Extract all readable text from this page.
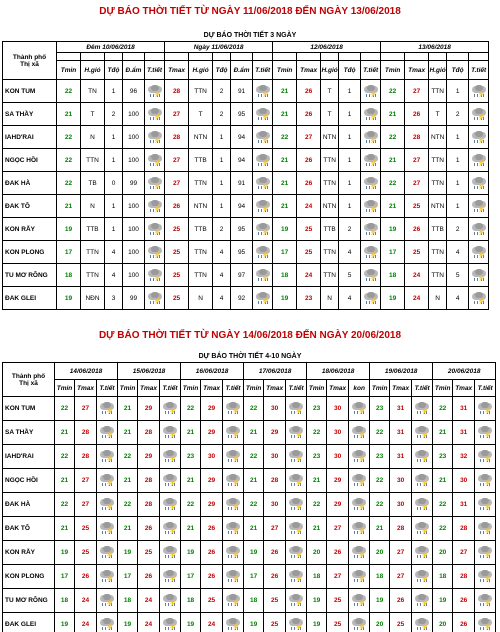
DỰ BÁO THỜI TIẾT TỪ NGÀY 11/06/2018 ĐẾN NGÀY 13/06/2018
DỰ BÁO THỜI TIẾT 3 NGÀY
Thành phố
Thị xã	Đêm 10/06/2018					Ngày 11/06/2018					12/06/2018					13/06/2018				

	Tmin	H.gió	Tđộ	Đ.ẩm	T.tiết	Tmax	H.gió	Tđộ	Đ.ẩm	T.tiết	Tmin	Tmax	H.gió	Tđộ	T.tiết	Tmin	Tmax	H.gió	Tđộ	T.tiết
KON TUM	22	TN	1	96	⚡	28	TTN	2	91	⚡	21	26	T	1	⚡	22	27	TTN	1	⚡

SA THẦY	21	T	2	100	⚡	27	T	2	95	⚡	21	26	T	1	⚡	21	26	T	2	⚡

IAHD'RAI	22	N	1	100	⚡	28	NTN	1	94	⚡	22	27	NTN	1	⚡	22	28	NTN	1	⚡

NGỌC HỒI	22	TTN	1	100	⚡	27	TTB	1	94	⚡	21	26	TTN	1	⚡	21	27	TTN	1	⚡

ĐAK HÀ	22	TB	0	99	⚡	27	TTN	1	91	⚡	21	26	TTN	1	⚡	22	27	TTN	1	⚡

ĐAK TÔ	21	N	1	100	⚡	26	NTN	1	94	⚡	21	24	NTN	1	⚡	21	25	NTN	1	⚡

KON RẪY	19	TTB	1	100	⚡	25	TTB	2	95	⚡	19	25	TTB	2	⚡	19	26	TTB	2	⚡

KON PLONG	17	TTN	4	100	⚡	25	TTN	4	95	⚡	17	25	TTN	4	⚡	17	25	TTN	4	⚡

TU MƠ RÔNG	18	TTN	4	100	⚡	25	TTN	4	97	⚡	18	24	TTN	5	⚡	18	24	TTN	5	⚡

ĐAK GLEI	19	NĐN	3	99	⚡	25	N	4	92	⚡	19	23	N	4	⚡	19	24	N	4	⚡
DỰ BÁO THỜI TIẾT TỪ NGÀY 14/06/2018 ĐẾN NGÀY 20/06/2018
DỰ BÁO THỜI TIẾT 4-10 NGÀY
Thành phố
Thị xã	14/06/2018			15/06/2018			16/06/2018			17/06/2018			18/06/2018			19/06/2018			20/06/2018		
	Tmin	Tmax	T.tiết	Tmin	Tmax	T.tiết	Tmin	Tmax	T.tiết	Tmin	Tmax	T.tiết	Tmin	Tmax	kon	Tmin	Tmax	T.tiết	Tmin	Tmax	T.tiết
KON TUM	22	27	⚡	21	29	⚡	22	29	⚡	22	30	⚡	23	30	⚡	23	31	⚡	22	31	⚡

SA THẦY	21	28	⚡	21	28	⚡	21	29	⚡	21	29	⚡	22	30	⚡	22	31	⚡	21	31	⚡

IAHD'RAI	22	28	⚡	22	29	⚡	23	30	⚡	22	30	⚡	23	30	⚡	23	31	⚡	23	32	⚡

NGỌC HỒI	21	27	⚡	21	28	⚡	21	29	⚡	21	28	⚡	21	29	⚡	22	30	⚡	21	30	⚡

ĐAK HÀ	22	27	⚡	22	28	⚡	22	29	⚡	22	30	⚡	22	29	⚡	22	30	⚡	22	31	⚡

ĐAK TÔ	21	25	⚡	21	26	⚡	21	26	⚡	21	27	⚡	21	27	⚡	21	28	⚡	22	28	⚡

KON RẪY	19	25	⚡	19	25	⚡	19	26	⚡	19	26	⚡	20	26	⚡	20	27	⚡	20	27	⚡

KON PLONG	17	26	⚡	17	26	⚡	17	26	⚡	17	26	⚡	18	27	⚡	18	27	⚡	18	28	⚡

TU MƠ RÔNG	18	24	⚡	18	24	⚡	18	25	⚡	18	25	⚡	19	25	⚡	19	26	⚡	19	26	⚡

ĐAK GLEI	19	24	⚡	19	24	⚡	19	24	⚡	19	25	⚡	19	25	⚡	20	25	⚡	20	26	⚡
